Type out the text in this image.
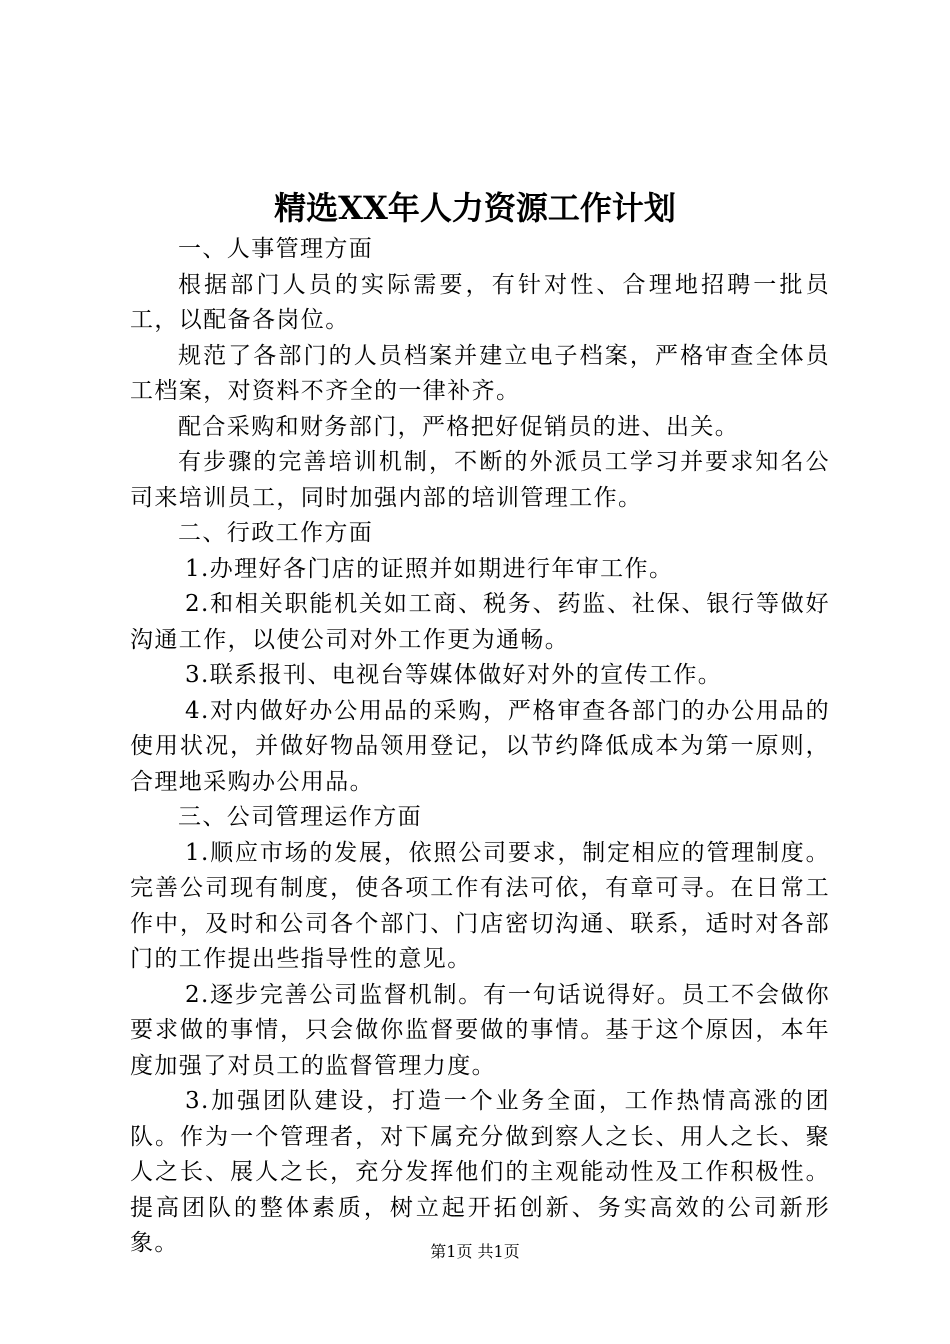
精选XX年人力资源工作计划

一、人事管理方面

根据部门人员的实际需要，有针对性、合理地招聘一批员工，以配备各岗位。

规范了各部门的人员档案并建立电子档案，严格审查全体员工档案，对资料不齐全的一律补齐。

配合采购和财务部门，严格把好促销员的进、出关。

有步骤的完善培训机制，不断的外派员工学习并要求知名公司来培训员工，同时加强内部的培训管理工作。

二、行政工作方面

1.办理好各门店的证照并如期进行年审工作。

2.和相关职能机关如工商、税务、药监、社保、银行等做好沟通工作，以使公司对外工作更为通畅。

3.联系报刊、电视台等媒体做好对外的宣传工作。

4.对内做好办公用品的采购，严格审查各部门的办公用品的使用状况，并做好物品领用登记，以节约降低成本为第一原则，合理地采购办公用品。

三、公司管理运作方面

1.顺应市场的发展，依照公司要求，制定相应的管理制度。完善公司现有制度，使各项工作有法可依，有章可寻。在日常工作中，及时和公司各个部门、门店密切沟通、联系，适时对各部门的工作提出些指导性的意见。

2.逐步完善公司监督机制。有一句话说得好。员工不会做你要求做的事情，只会做你监督要做的事情。基于这个原因，本年度加强了对员工的监督管理力度。

3.加强团队建设，打造一个业务全面，工作热情高涨的团队。作为一个管理者，对下属充分做到察人之长、用人之长、聚人之长、展人之长，充分发挥他们的主观能动性及工作积极性。提高团队的整体素质，树立起开拓创新、务实高效的公司新形象。	第1页 共1页
